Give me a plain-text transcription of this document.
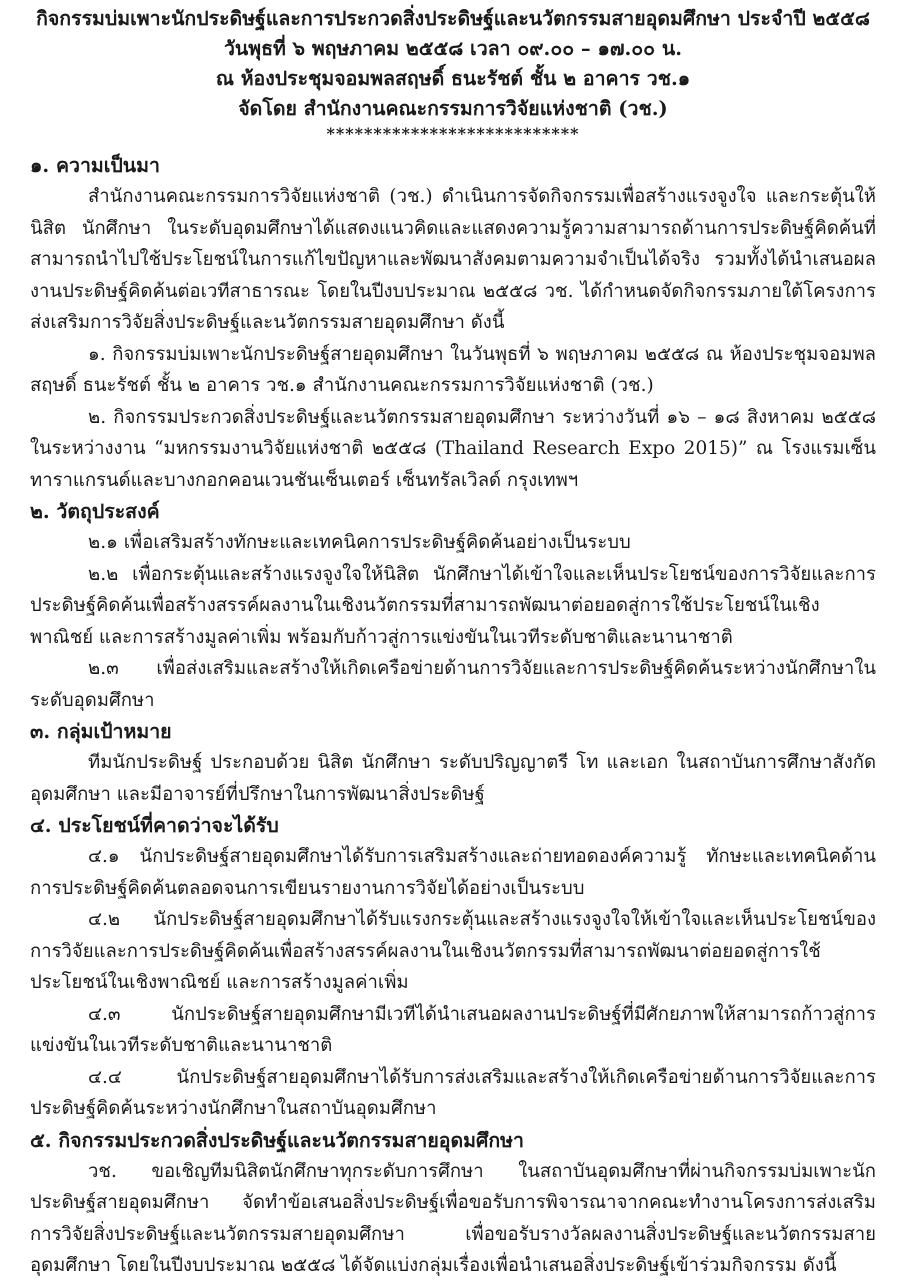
กิจกรรมบ่มเพาะนักประดิษฐ์และการประกวดสิ่งประดิษฐ์และนวัตกรรมสายอุดมศึกษา ประจำปี ๒๕๕๘
วันพุธที่ ๖ พฤษภาคม ๒๕๕๘ เวลา ๐๙.๐๐ – ๑๗.๐๐ น.
ณ ห้องประชุมจอมพลสฤษดิ์ ธนะรัชต์ ชั้น ๒ อาคาร วช.๑
จัดโดย สำนักงานคณะกรรมการวิจัยแห่งชาติ (วช.)
***************************
๑. ความเป็นมา
สำนักงานคณะกรรมการวิจัยแห่งชาติ (วช.) ดำเนินการจัดกิจกรรมเพื่อสร้างแรงจูงใจ และกระตุ้นให้นิสิต นักศึกษา ในระดับอุดมศึกษาได้แสดงแนวคิดและแสดงความรู้ความสามารถด้านการประดิษฐ์คิดค้นที่สามารถนำไปใช้ประโยชน์ในการแก้ไขปัญหาและพัฒนาสังคมตามความจำเป็นได้จริง รวมทั้งได้นำเสนอผลงานประดิษฐ์คิดค้นต่อเวทีสาธารณะ โดยในปีงบประมาณ ๒๕๕๘ วช. ได้กำหนดจัดกิจกรรมภายใต้โครงการส่งเสริมการวิจัยสิ่งประดิษฐ์และนวัตกรรมสายอุดมศึกษา ดังนี้
๑. กิจกรรมบ่มเพาะนักประดิษฐ์สายอุดมศึกษา ในวันพุธที่ ๖ พฤษภาคม ๒๕๕๘ ณ ห้องประชุมจอมพลสฤษดิ์ ธนะรัชต์ ชั้น ๒ อาคาร วช.๑ สำนักงานคณะกรรมการวิจัยแห่งชาติ (วช.)
๒. กิจกรรมประกวดสิ่งประดิษฐ์และนวัตกรรมสายอุดมศึกษา ระหว่างวันที่ ๑๖ – ๑๘ สิงหาคม ๒๕๕๘ ในระหว่างงาน “มหกรรมงานวิจัยแห่งชาติ ๒๕๕๘ (Thailand Research Expo 2015)” ณ โรงแรมเซ็นทาราแกรนด์และบางกอกคอนเวนชันเซ็นเตอร์ เซ็นทรัลเวิลด์ กรุงเทพฯ
๒. วัตถุประสงค์
๒.๑ เพื่อเสริมสร้างทักษะและเทคนิคการประดิษฐ์คิดค้นอย่างเป็นระบบ
๒.๒ เพื่อกระตุ้นและสร้างแรงจูงใจให้นิสิต นักศึกษาได้เข้าใจและเห็นประโยชน์ของการวิจัยและการประดิษฐ์คิดค้นเพื่อสร้างสรรค์ผลงานในเชิงนวัตกรรมที่สามารถพัฒนาต่อยอดสู่การใช้ประโยชน์ในเชิงพาณิชย์ และการสร้างมูลค่าเพิ่ม พร้อมกับก้าวสู่การแข่งขันในเวทีระดับชาติและนานาชาติ
๒.๓ เพื่อส่งเสริมและสร้างให้เกิดเครือข่ายด้านการวิจัยและการประดิษฐ์คิดค้นระหว่างนักศึกษาในระดับอุดมศึกษา
๓. กลุ่มเป้าหมาย
ทีมนักประดิษฐ์ ประกอบด้วย นิสิต นักศึกษา ระดับปริญญาตรี โท และเอก ในสถาบันการศึกษาสังกัดอุดมศึกษา และมีอาจารย์ที่ปรึกษาในการพัฒนาสิ่งประดิษฐ์
๔. ประโยชน์ที่คาดว่าจะได้รับ
๔.๑ นักประดิษฐ์สายอุดมศึกษาได้รับการเสริมสร้างและถ่ายทอดองค์ความรู้ ทักษะและเทคนิคด้านการประดิษฐ์คิดค้นตลอดจนการเขียนรายงานการวิจัยได้อย่างเป็นระบบ
๔.๒ นักประดิษฐ์สายอุดมศึกษาได้รับแรงกระตุ้นและสร้างแรงจูงใจให้เข้าใจและเห็นประโยชน์ของการวิจัยและการประดิษฐ์คิดค้นเพื่อสร้างสรรค์ผลงานในเชิงนวัตกรรมที่สามารถพัฒนาต่อยอดสู่การใช้ประโยชน์ในเชิงพาณิชย์ และการสร้างมูลค่าเพิ่ม
๔.๓ นักประดิษฐ์สายอุดมศึกษามีเวทีได้นำเสนอผลงานประดิษฐ์ที่มีศักยภาพให้สามารถก้าวสู่การแข่งขันในเวทีระดับชาติและนานาชาติ
๔.๔ นักประดิษฐ์สายอุดมศึกษาได้รับการส่งเสริมและสร้างให้เกิดเครือข่ายด้านการวิจัยและการประดิษฐ์คิดค้นระหว่างนักศึกษาในสถาบันอุดมศึกษา
๕. กิจกรรมประกวดสิ่งประดิษฐ์และนวัตกรรมสายอุดมศึกษา
วช. ขอเชิญทีมนิสิตนักศึกษาทุกระดับการศึกษา ในสถาบันอุดมศึกษาที่ผ่านกิจกรรมบ่มเพาะนักประดิษฐ์สายอุดมศึกษา จัดทำข้อเสนอสิ่งประดิษฐ์เพื่อขอรับการพิจารณาจากคณะทำงานโครงการส่งเสริมการวิจัยสิ่งประดิษฐ์และนวัตกรรมสายอุดมศึกษา เพื่อขอรับรางวัลผลงานสิ่งประดิษฐ์และนวัตกรรมสายอุดมศึกษา โดยในปีงบประมาณ ๒๕๕๘ ได้จัดแบ่งกลุ่มเรื่องเพื่อนำเสนอสิ่งประดิษฐ์เข้าร่วมกิจกรรม ดังนี้
